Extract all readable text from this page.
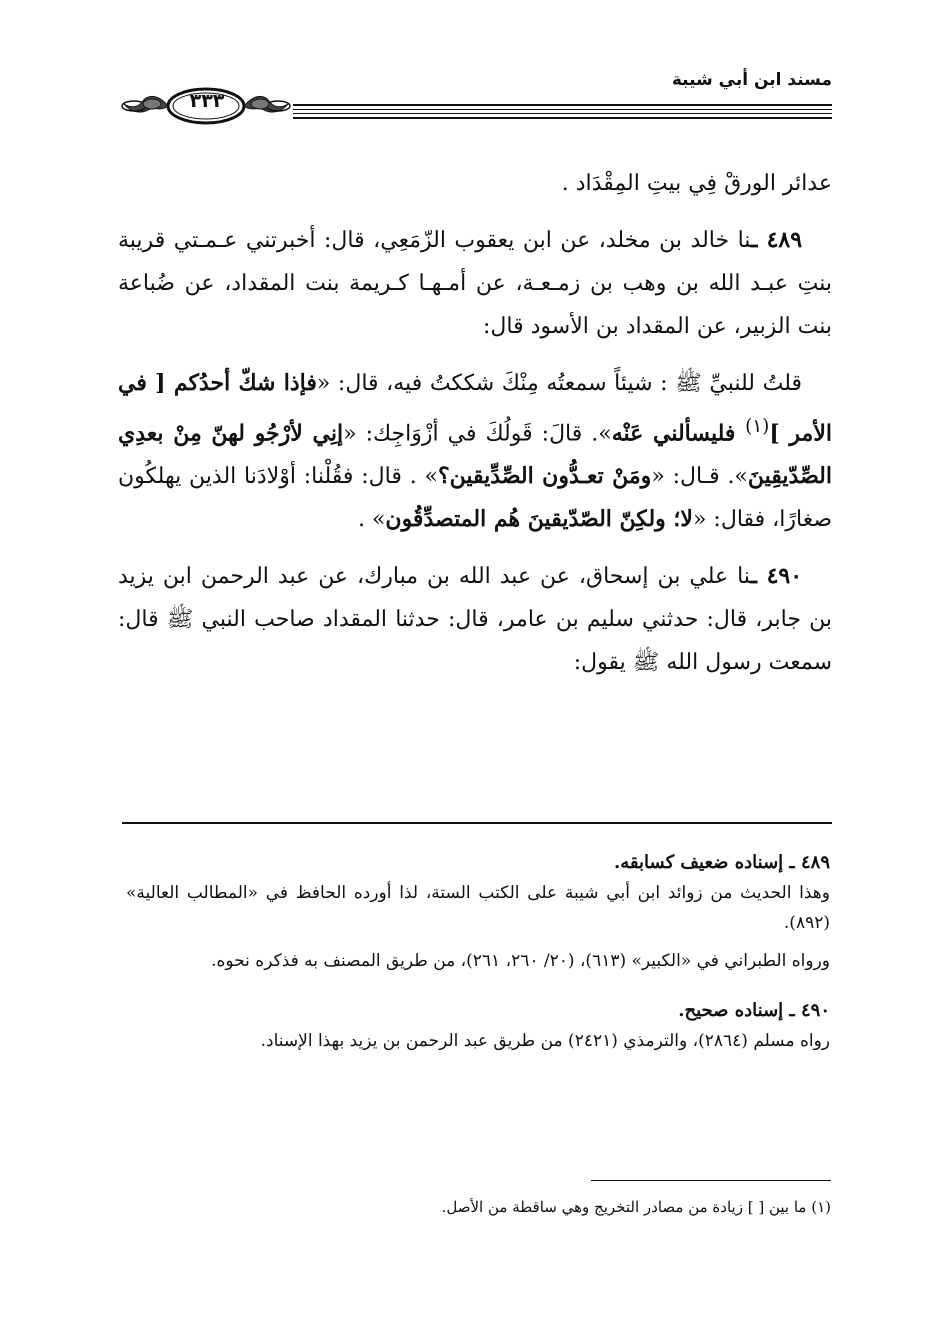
مسند ابن أبي شيبة
٣٣٣

عدائر الورقْ فِي بيتِ المِقْدَاد .

٤٨٩ ـنا خالد بن مخلد، عن ابن يعقوب الزّمَعِي، قال: أخبرتني عـمـتي قريبة بنتِ عبـد الله بن وهب بن زمـعـة، عن أمـهـا كـريمة بنت المقداد، عن ضُباعة بنت الزبير، عن المقداد بن الأسود قال:

قلتُ للنبيِّ ﷺ : شيئاً سمعتُه مِنْكَ شككتُ فيه، قال: «فإذا شكّ أحدُكم [ في الأمر ]$^{(١)}$ فليسألني عَنْه». قالَ: قَولُكَ في أزْوَاجِك: «إنِي لأرْجُو لهنّ مِنْ بعدِي الصِّدّيقِينَ». قـال: «ومَنْ تعـدُّون الصِّدِّيقين؟» . قال: فقُلْنا: أوْلادَنا الذين يهلكُون صغارًا، فقال: «لا؛ ولكِنّ الصّدّيقينَ هُم المتصدِّقُون» .

٤٩٠ ـنا علي بن إسحاق، عن عبد الله بن مبارك، عن عبد الرحمن ابن يزيد بن جابر، قال: حدثني سليم بن عامر، قال: حدثنا المقداد صاحب النبي ﷺ قال: سمعت رسول الله ﷺ يقول:

٤٨٩ ـ إسناده ضعيف كسابقه.

وهذا الحديث من زوائد ابن أبي شيبة على الكتب الستة، لذا أورده الحافظ في «المطالب العالية» (٨٩٢).

ورواه الطبراني في «الكبير» (٦١٣)، (٢٠/ ٢٦٠، ٢٦١)، من طريق المصنف به فذكره نحوه.

٤٩٠ ـ إسناده صحيح.

رواه مسلم (٢٨٦٤)، والترمذي (٢٤٢١) من طريق عبد الرحمن بن يزيد بهذا الإسناد.

(١) ما بين [ ] زيادة من مصادر التخريج وهي ساقطة من الأصل.
